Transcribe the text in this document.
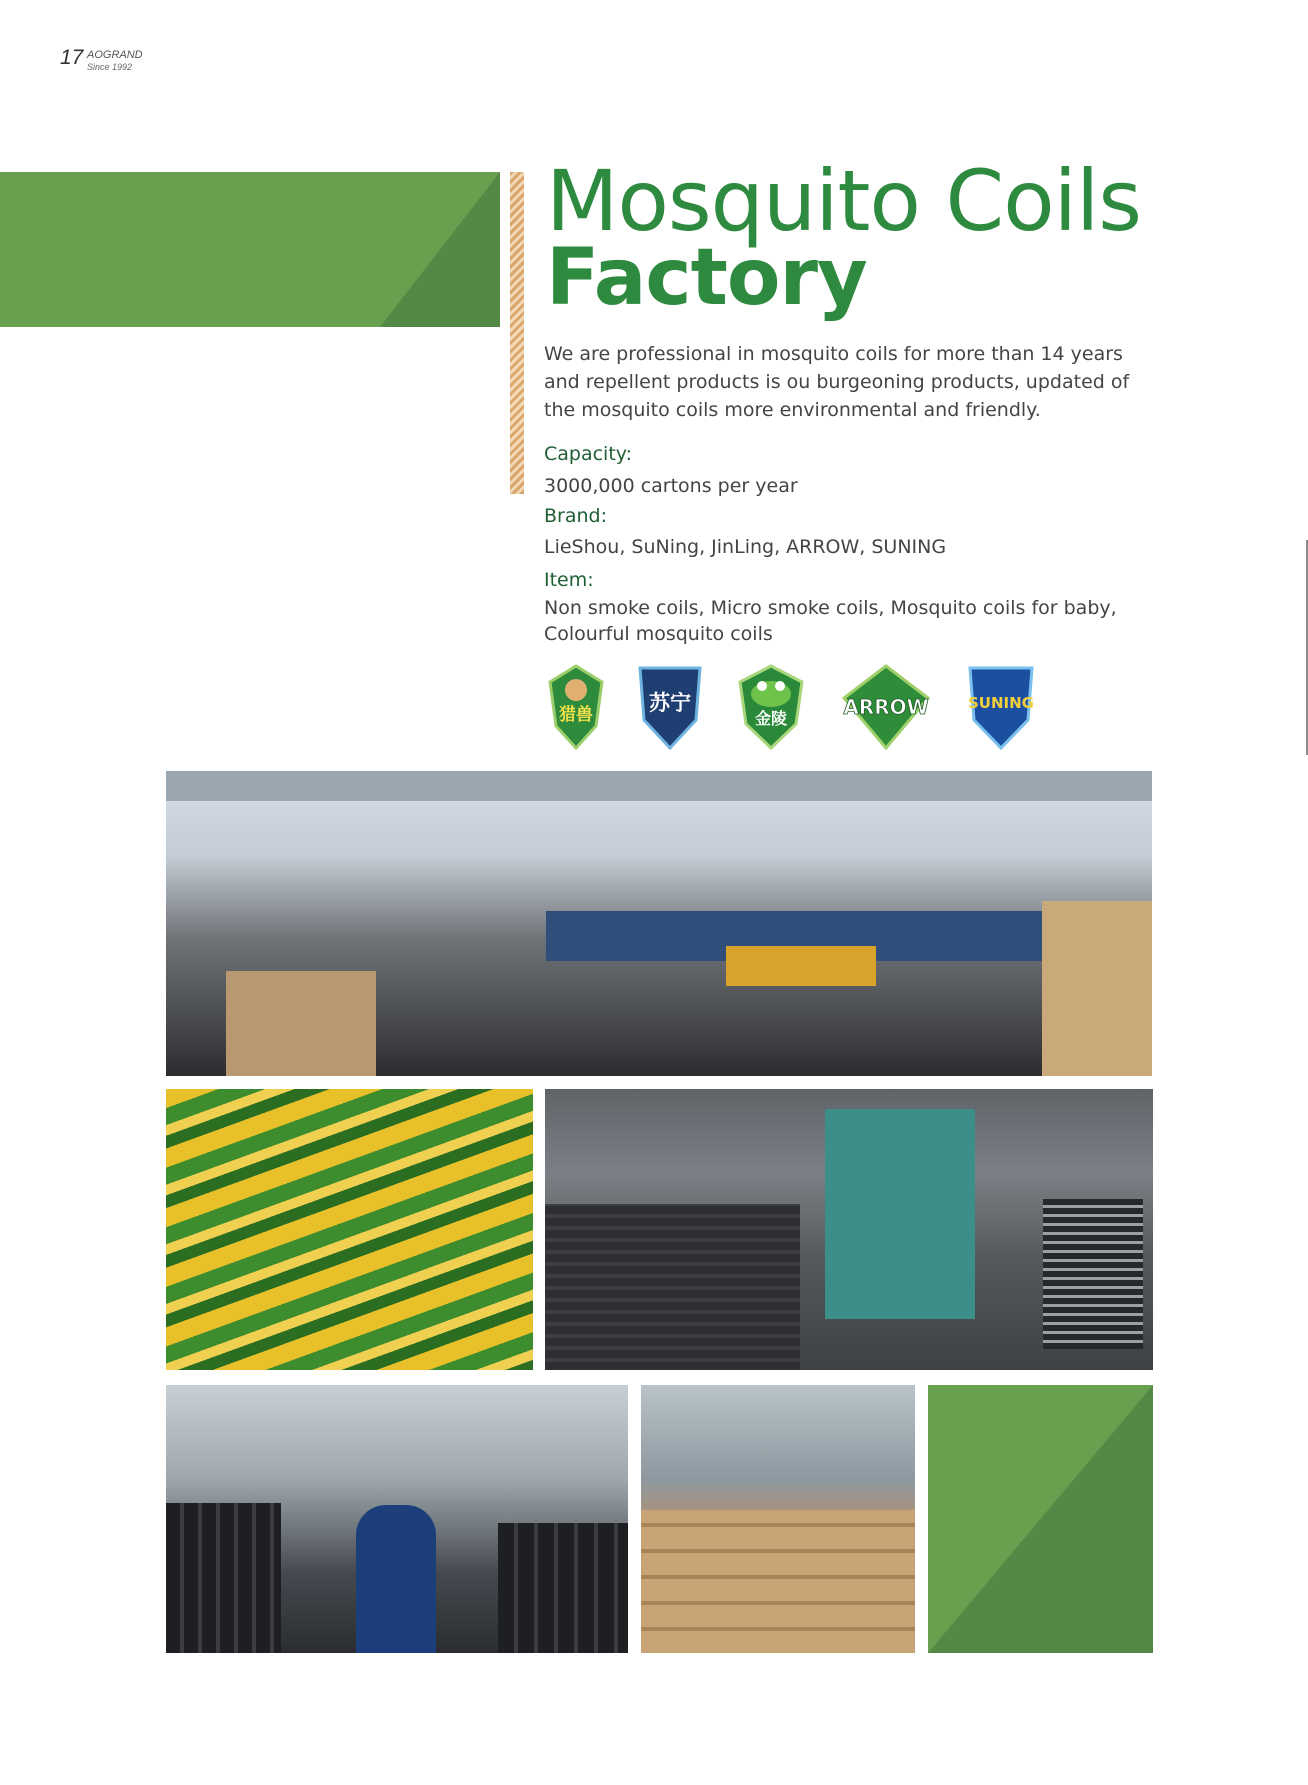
17 AOGRAND
Since 1992
Mosquito Coils
Factory
We are professional in mosquito coils for more than 14 years and repellent products is ou burgeoning products, updated of the mosquito coils more environmental and friendly.
Capacity:
3000,000 cartons per year
Brand:
LieShou, SuNing, JinLing, ARROW, SUNING
Item:
Non smoke coils, Micro smoke coils, Mosquito coils for baby, Colourful mosquito coils
猎兽	苏宁
金陵	ARROW	SUNING
